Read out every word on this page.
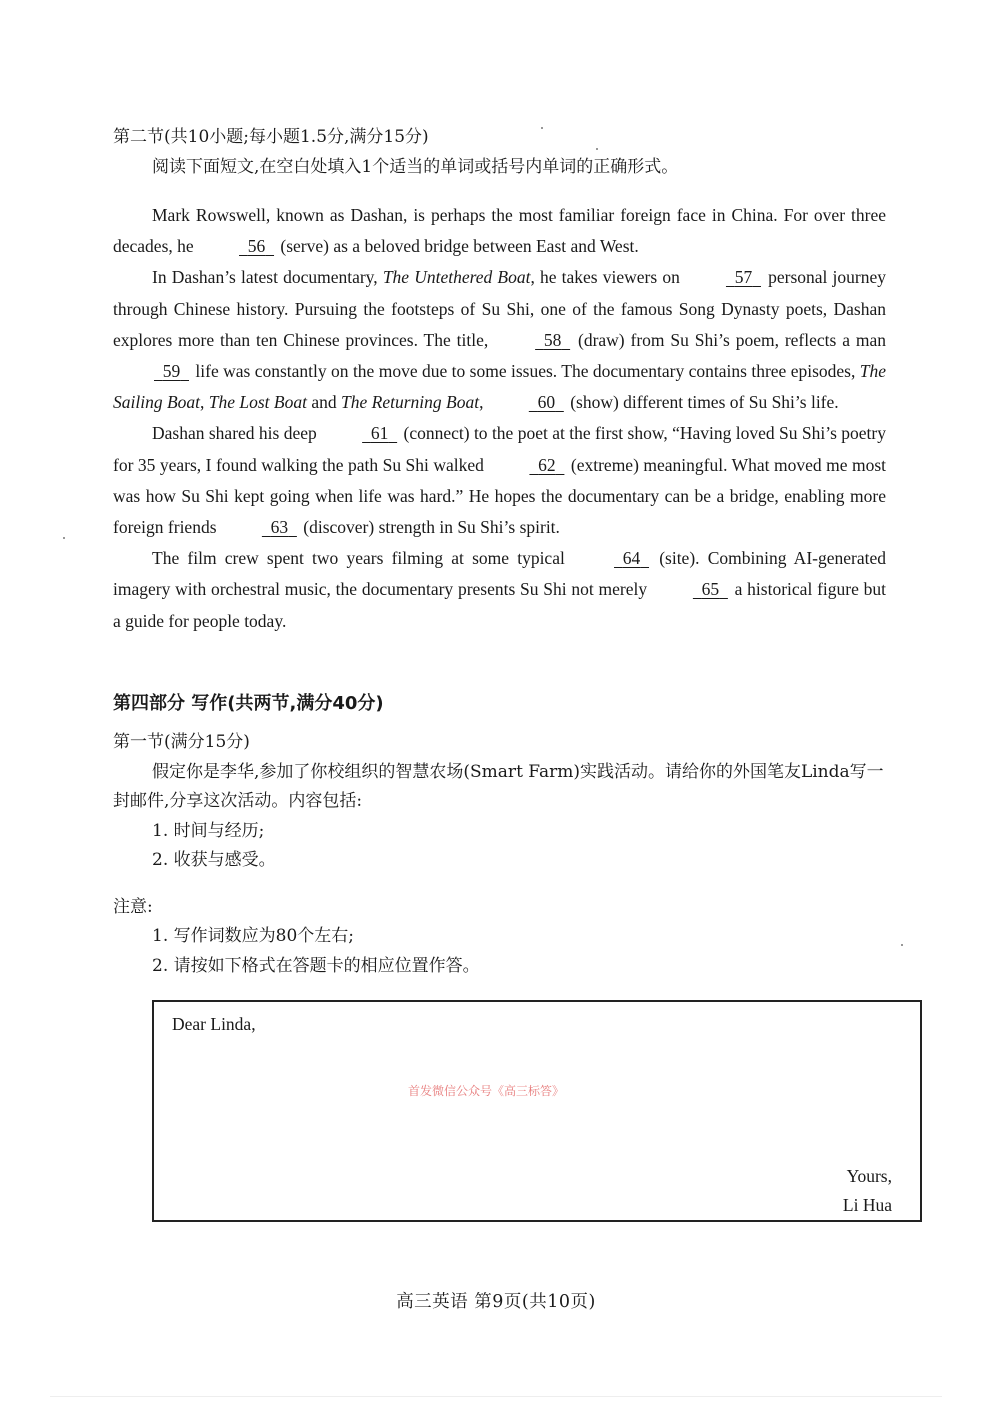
第二节(共10小题;每小题1.5分,满分15分)
阅读下面短文,在空白处填入1个适当的单词或括号内单词的正确形式。

Mark Rowswell, known as Dashan, is perhaps the most familiar foreign face in China. For over three decades, he	56 (serve) as a beloved bridge between East and West.

In Dashan’s latest documentary, The Untethered Boat, he takes viewers on	57 personal journey through Chinese history. Pursuing the footsteps of Su Shi, one of the famous Song Dynasty poets, Dashan explores more than ten Chinese provinces. The title,	58 (draw) from Su Shi’s poem, reflects a man 59 life was constantly on the move due to some issues. The documentary contains three episodes, The Sailing Boat, The Lost Boat and The Returning Boat,	60 (show) different times of Su Shi’s life.

Dashan shared his deep	61 (connect) to the poet at the first show, “Having loved Su Shi’s poetry for 35 years, I found walking the path Su Shi walked	62 (extreme) meaningful. What moved me most was how Su Shi kept going when life was hard.” He hopes the documentary can be a bridge, enabling more foreign friends	63 (discover) strength in Su Shi’s spirit.

The film crew spent two years filming at some typical	64 (site). Combining AI-generated imagery with orchestral music, the documentary presents Su Shi not merely	65 a historical figure but a guide for people today.

第四部分 写作(共两节,满分40分)
第一节(满分15分)
假定你是李华,参加了你校组织的智慧农场(Smart Farm)实践活动。请给你的外国笔友Linda写一封邮件,分享这次活动。内容包括:
1. 时间与经历;
2. 收获与感受。
注意:
1. 写作词数应为80个左右;
2. 请按如下格式在答题卡的相应位置作答。
Dear Linda,
首发微信公众号《高三标答》
Yours,
Li Hua
高三英语 第9页(共10页)
